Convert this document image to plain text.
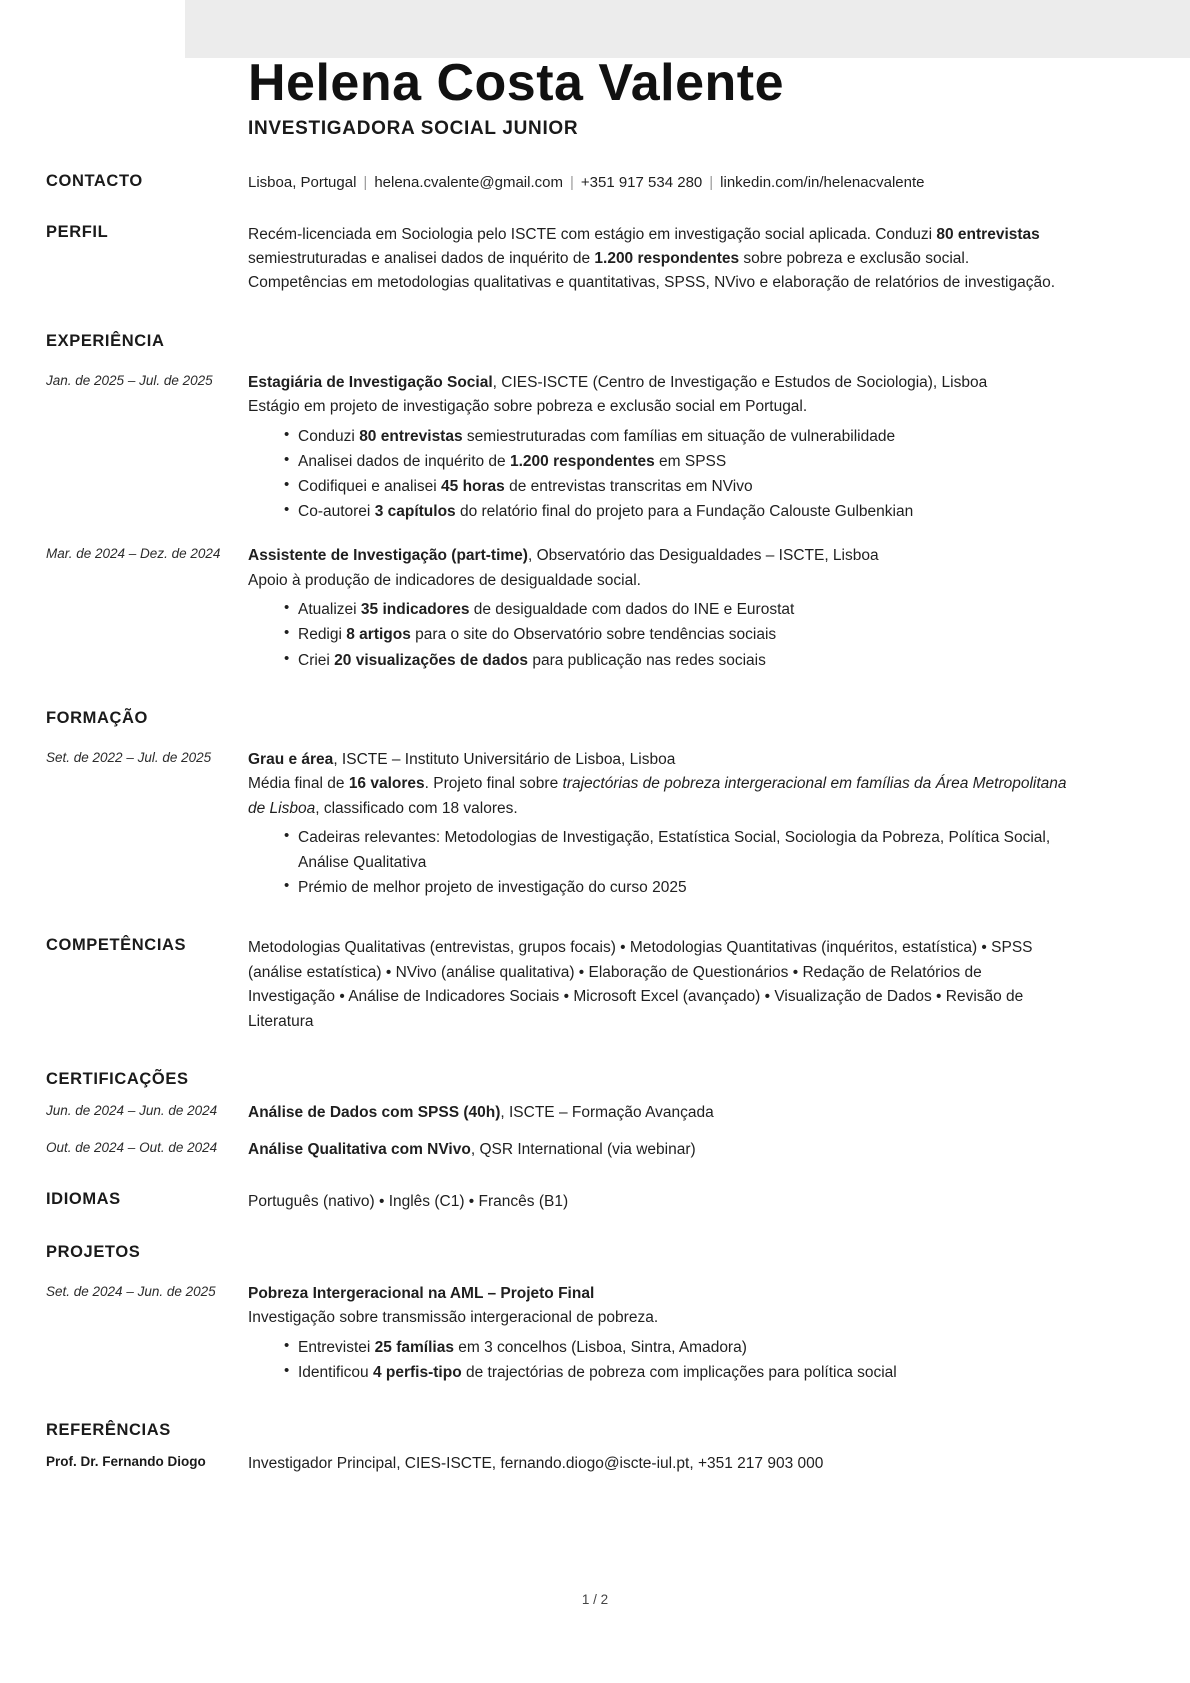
Helena Costa Valente
INVESTIGADORA SOCIAL JUNIOR
CONTACTO	Lisboa, Portugal | helena.cvalente@gmail.com | +351 917 534 280 | linkedin.com/in/helenacvalente
PERFIL	Recém-licenciada em Sociologia pelo ISCTE com estágio em investigação social aplicada. Conduzi 80 entrevistas semiestruturadas e analisei dados de inquérito de 1.200 respondentes sobre pobreza e exclusão social. Competências em metodologias qualitativas e quantitativas, SPSS, NVivo e elaboração de relatórios de investigação.
EXPERIÊNCIA
Jan. de 2025 – Jul. de 2025	Estagiária de Investigação Social, CIES-ISCTE (Centro de Investigação e Estudos de Sociologia), Lisboa
Estágio em projeto de investigação sobre pobreza e exclusão social em Portugal.
• Conduzi 80 entrevistas semiestruturadas com famílias em situação de vulnerabilidade
• Analisei dados de inquérito de 1.200 respondentes em SPSS
• Codifiquei e analisei 45 horas de entrevistas transcritas em NVivo
• Co-autorei 3 capítulos do relatório final do projeto para a Fundação Calouste Gulbenkian
Mar. de 2024 – Dez. de 2024	Assistente de Investigação (part-time), Observatório das Desigualdades – ISCTE, Lisboa
Apoio à produção de indicadores de desigualdade social.
• Atualizei 35 indicadores de desigualdade com dados do INE e Eurostat
• Redigi 8 artigos para o site do Observatório sobre tendências sociais
• Criei 20 visualizações de dados para publicação nas redes sociais
FORMAÇÃO
Set. de 2022 – Jul. de 2025	Grau e área, ISCTE – Instituto Universitário de Lisboa, Lisboa
Média final de 16 valores. Projeto final sobre trajectórias de pobreza intergeracional em famílias da Área Metropolitana de Lisboa, classificado com 18 valores.
• Cadeiras relevantes: Metodologias de Investigação, Estatística Social, Sociologia da Pobreza, Política Social, Análise Qualitativa
• Prémio de melhor projeto de investigação do curso 2025
COMPETÊNCIAS	Metodologias Qualitativas (entrevistas, grupos focais) • Metodologias Quantitativas (inquéritos, estatística) • SPSS (análise estatística) • NVivo (análise qualitativa) • Elaboração de Questionários • Redação de Relatórios de Investigação • Análise de Indicadores Sociais • Microsoft Excel (avançado) • Visualização de Dados • Revisão de Literatura
CERTIFICAÇÕES
Jun. de 2024 – Jun. de 2024	Análise de Dados com SPSS (40h), ISCTE – Formação Avançada
Out. de 2024 – Out. de 2024	Análise Qualitativa com NVivo, QSR International (via webinar)
IDIOMAS	Português (nativo) • Inglês (C1) • Francês (B1)
PROJETOS
Set. de 2024 – Jun. de 2025	Pobreza Intergeracional na AML – Projeto Final
Investigação sobre transmissão intergeracional de pobreza.
• Entrevistei 25 famílias em 3 concelhos (Lisboa, Sintra, Amadora)
• Identificou 4 perfis-tipo de trajectórias de pobreza com implicações para política social
REFERÊNCIAS
Prof. Dr. Fernando Diogo	Investigador Principal, CIES-ISCTE, fernando.diogo@iscte-iul.pt, +351 217 903 000
1 / 2
